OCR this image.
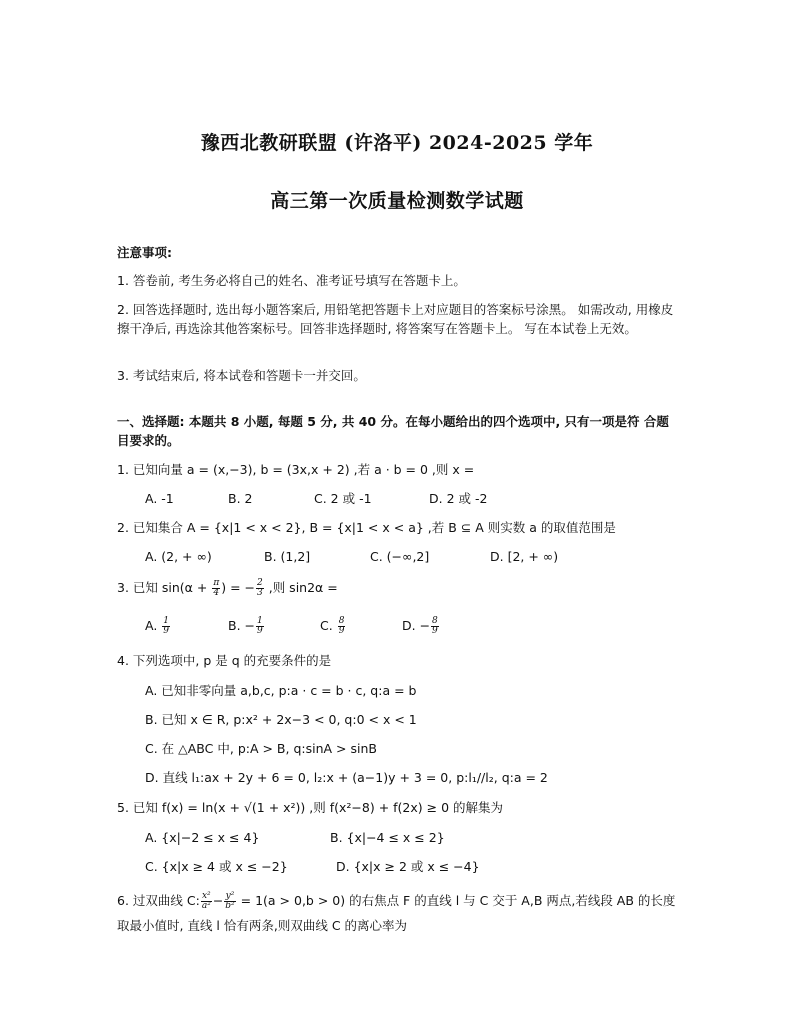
豫西北教研联盟 (许洛平) 2024-2025 学年
高三第一次质量检测数学试题
注意事项:
1. 答卷前, 考生务必将自己的姓名、准考证号填写在答题卡上。
2. 回答选择题时, 选出每小题答案后, 用铅笔把答题卡上对应题目的答案标号涂黑。 如需改动, 用橡皮擦干净后, 再选涂其他答案标号。回答非选择题时, 将答案写在答题卡上。 写在本试卷上无效。
3. 考试结束后, 将本试卷和答题卡一并交回。
一、选择题: 本题共 8 小题, 每题 5 分, 共 40 分。在每小题给出的四个选项中, 只有一项是符 合题目要求的。
1. 已知向量 a = (x,−3), b = (3x,x + 2) ,若 a · b = 0 ,则 x =
A. -1	B. 2	C. 2 或 -1	D. 2 或 -2
2. 已知集合 A = {x|1 < x < 2}, B = {x|1 < x < a} ,若 B ⊆ A 则实数 a 的取值范围是
A. (2, + ∞)	B. (1,2]	C. (−∞,2]	D. [2, + ∞)
3. 已知 $\sin(\alpha + \frac{\pi}{4}$ ) = − $\frac{2}{3}$ ,则 sin2α =
A. $\frac{1}{9}$	B. − $\frac{1}{9}$	C. $\frac{8}{9}$	D. − $\frac{8}{9}$
4. 下列选项中, p 是 q 的充要条件的是
A. 已知非零向量 a,b,c, p:a · c = b · c, q:a = b
B. 已知 x ∈ R, p:x² + 2x−3 < 0, q:0 < x < 1
C. 在 △ABC 中, p:A > B, q:sinA > sinB
D. 直线 l₁:ax + 2y + 6 = 0, l₂:x + (a−1)y + 3 = 0, p:l₁//l₂, q:a = 2
5. 已知 f(x) = ln(x + √(1 + x²)) ,则 f(x²−8) + f(2x) ≥ 0 的解集为
A. {x|−2 ≤ x ≤ 4}	B. {x|−4 ≤ x ≤ 2}
C. {x|x ≥ 4 或 x ≤ −2}	D. {x|x ≥ 2 或 x ≤ −4}
6. 过双曲线 C: $\frac{\text{x²}}{\text{a²}} - \frac{\text{y²}}{\text{b²}} = 1(a > 0,b > 0)$ 的右焦点 F 的直线 l 与 C 交于 A,B 两点,若线段 AB 的长度
取最小值时, 直线 l 恰有两条,则双曲线 C 的离心率为
